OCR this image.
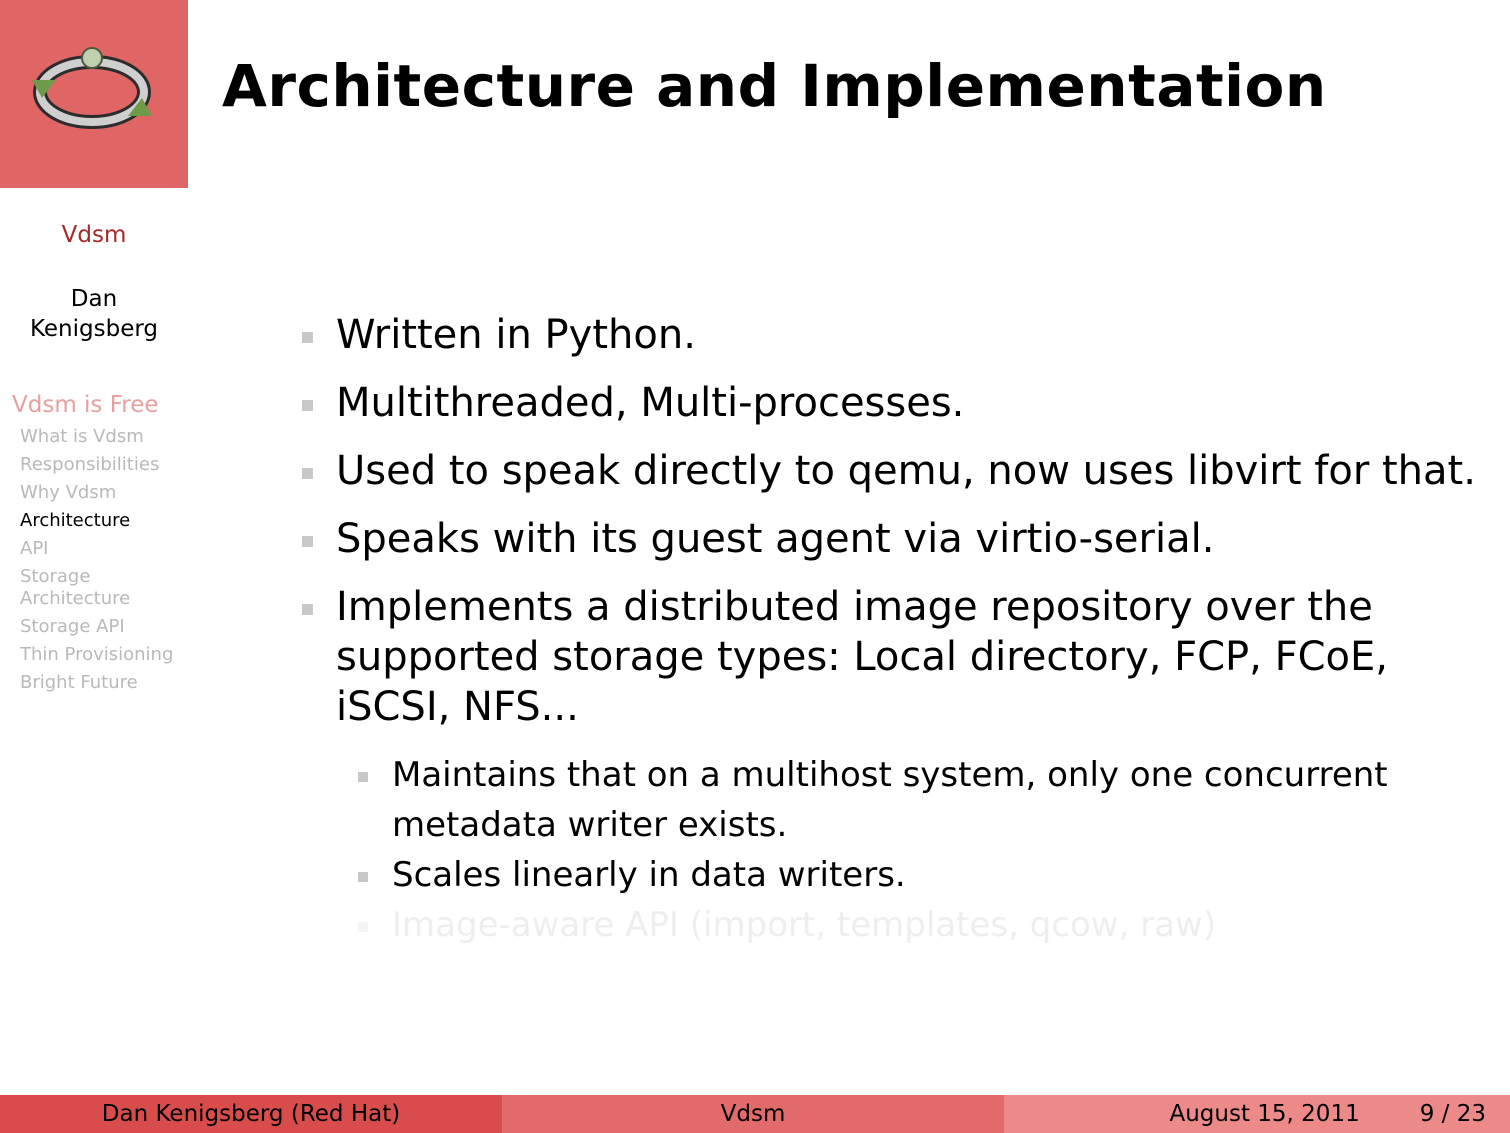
Architecture and Implementation
Vdsm
Dan
Kenigsberg
Vdsm is Free
What is Vdsm
Responsibilities
Why Vdsm
Architecture
API
Storage Architecture
Storage API
Thin Provisioning
Bright Future
Written in Python.
Multithreaded, Multi-processes.
Used to speak directly to qemu, now uses libvirt for that.
Speaks with its guest agent via virtio-serial.
Implements a distributed image repository over the supported storage types: Local directory, FCP, FCoE, iSCSI, NFS...
Maintains that on a multihost system, only one concurrent metadata writer exists.
Scales linearly in data writers.
Image-aware API (import, templates, qcow, raw)
Dan Kenigsberg (Red Hat)	Vdsm	August 15, 2011	9 / 23
